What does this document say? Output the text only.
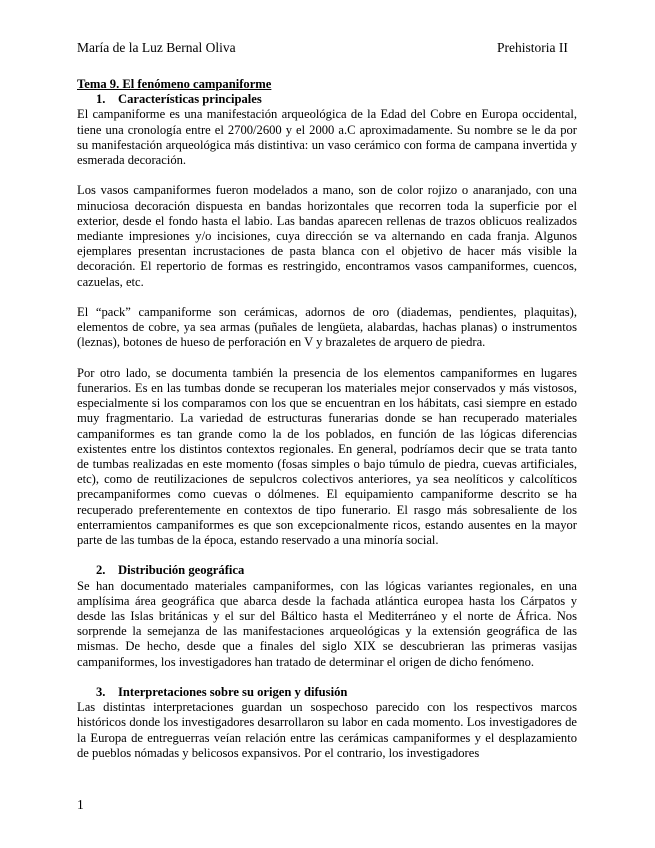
María de la Luz Bernal Oliva	Prehistoria II

Tema 9. El fenómeno campaniforme

1. Características principales

El campaniforme es una manifestación arqueológica de la Edad del Cobre en Europa occidental, tiene una cronología entre el 2700/2600 y el 2000 a.C aproximadamente. Su nombre se le da por su manifestación arqueológica más distintiva: un vaso cerámico con forma de campana invertida y esmerada decoración.

Los vasos campaniformes fueron modelados a mano, son de color rojizo o anaranjado, con una minuciosa decoración dispuesta en bandas horizontales que recorren toda la superficie por el exterior, desde el fondo hasta el labio. Las bandas aparecen rellenas de trazos oblicuos realizados mediante impresiones y/o incisiones, cuya dirección se va alternando en cada franja. Algunos ejemplares presentan incrustaciones de pasta blanca con el objetivo de hacer más visible la decoración. El repertorio de formas es restringido, encontramos vasos campaniformes, cuencos, cazuelas, etc.

El “pack” campaniforme son cerámicas, adornos de oro (diademas, pendientes, plaquitas), elementos de cobre, ya sea armas (puñales de lengüeta, alabardas, hachas planas) o instrumentos (leznas), botones de hueso de perforación en V y brazaletes de arquero de piedra.

Por otro lado, se documenta también la presencia de los elementos campaniformes en lugares funerarios. Es en las tumbas donde se recuperan los materiales mejor conservados y más vistosos, especialmente si los comparamos con los que se encuentran en los hábitats, casi siempre en estado muy fragmentario. La variedad de estructuras funerarias donde se han recuperado materiales campaniformes es tan grande como la de los poblados, en función de las lógicas diferencias existentes entre los distintos contextos regionales. En general, podríamos decir que se trata tanto de tumbas realizadas en este momento (fosas simples o bajo túmulo de piedra, cuevas artificiales, etc), como de reutilizaciones de sepulcros colectivos anteriores, ya sea neolíticos y calcolíticos precampaniformes como cuevas o dólmenes. El equipamiento campaniforme descrito se ha recuperado preferentemente en contextos de tipo funerario. El rasgo más sobresaliente de los enterramientos campaniformes es que son excepcionalmente ricos, estando ausentes en la mayor parte de las tumbas de la época, estando reservado a una minoría social.

2. Distribución geográfica

Se han documentado materiales campaniformes, con las lógicas variantes regionales, en una amplísima área geográfica que abarca desde la fachada atlántica europea hasta los Cárpatos y desde las Islas británicas y el sur del Báltico hasta el Mediterráneo y el norte de África. Nos sorprende la semejanza de las manifestaciones arqueológicas y la extensión geográfica de las mismas. De hecho, desde que a finales del siglo XIX se descubrieran las primeras vasijas campaniformes, los investigadores han tratado de determinar el origen de dicho fenómeno.

3. Interpretaciones sobre su origen y difusión

Las distintas interpretaciones guardan un sospechoso parecido con los respectivos marcos históricos donde los investigadores desarrollaron su labor en cada momento. Los investigadores de la Europa de entreguerras veían relación entre las cerámicas campaniformes y el desplazamiento de pueblos nómadas y belicosos expansivos. Por el contrario, los investigadores

1
